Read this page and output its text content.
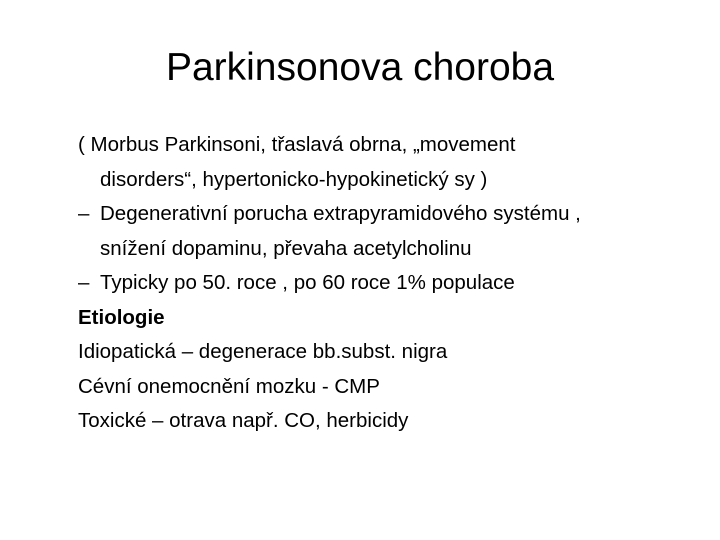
Parkinsonova choroba
( Morbus Parkinsoni, třaslavá obrna, „movement
disorders“, hypertonicko-hypokinetický sy )
– Degenerativní porucha extrapyramidového systému ,
snížení dopaminu, převaha acetylcholinu
– Typicky po 50. roce , po 60 roce 1% populace
Etiologie
Idiopatická – degenerace bb.subst. nigra
Cévní onemocnění mozku - CMP
Toxické – otrava např. CO, herbicidy
